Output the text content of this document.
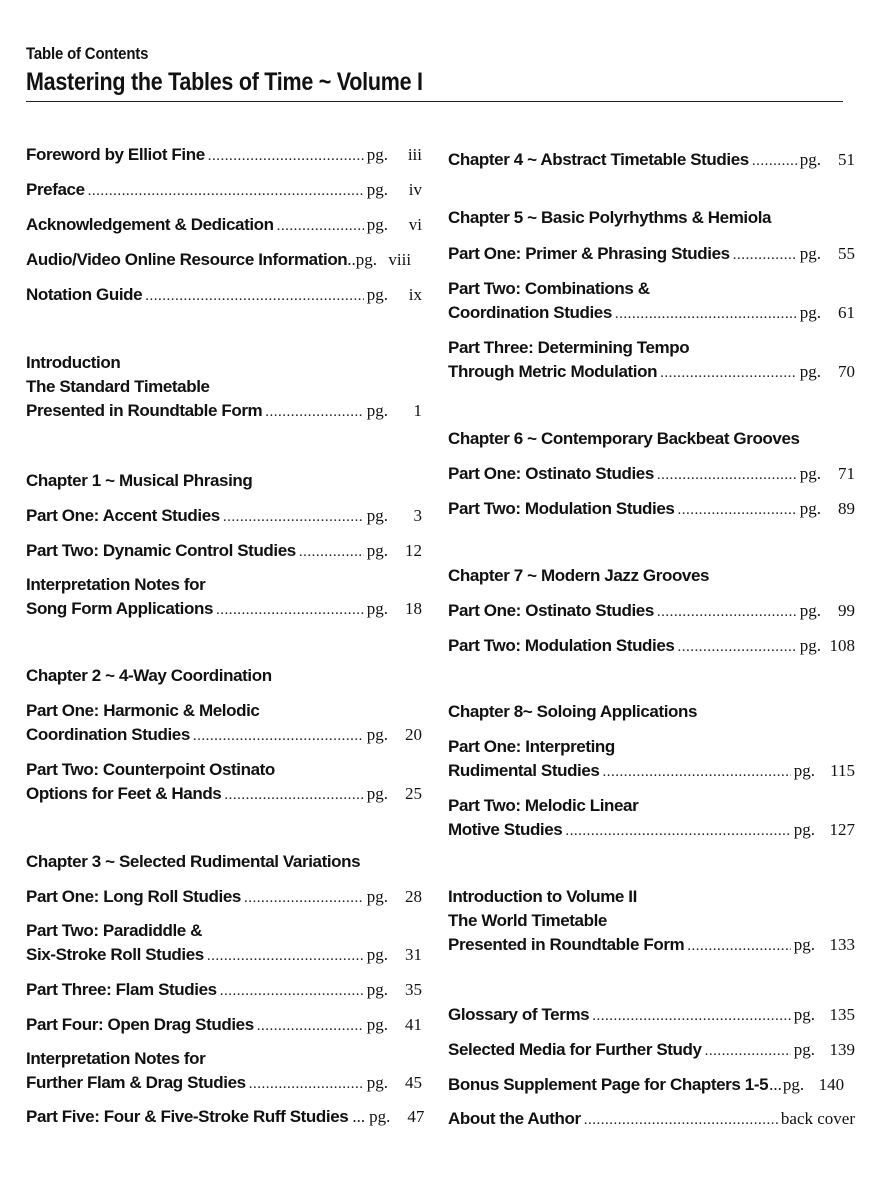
Table of Contents
Mastering the Tables of Time ~ Volume I
Foreword by Elliot Fine .....	pg.	iii
Preface .....	pg.	iv
Acknowledgement & Dedication .....	pg.	vi
Audio/Video Online Resource Information .. pg. viii
Notation Guide .....	pg.	ix
Introduction
The Standard Timetable
Presented in Roundtable Form .....	pg.	1
Chapter 1 ~ Musical Phrasing
Part One: Accent Studies .....	pg.	3
Part Two: Dynamic Control Studies .....	pg.	12
Interpretation Notes for
Song Form Applications .....	pg.	18
Chapter 2 ~ 4-Way Coordination
Part One: Harmonic & Melodic
Coordination Studies .....	pg.	20
Part Two: Counterpoint Ostinato
Options for Feet & Hands .....	pg.	25
Chapter 3 ~ Selected Rudimental Variations
Part One: Long Roll Studies .....	pg.	28
Part Two: Paradiddle &
Six-Stroke Roll Studies .....	pg.	31
Part Three: Flam Studies .....	pg.	35
Part Four: Open Drag Studies .....	pg.	41
Interpretation Notes for
Further Flam & Drag Studies .....	pg.	45
Part Five: Four & Five-Stroke Ruff Studies ... pg.	47
Chapter 4 ~ Abstract Timetable Studies .....	pg.	51
Chapter 5 ~ Basic Polyrhythms & Hemiola
Part One: Primer & Phrasing Studies .....	pg.	55
Part Two: Combinations &
Coordination Studies .....	pg.	61
Part Three: Determining Tempo
Through Metric Modulation .....	pg.	70
Chapter 6 ~ Contemporary Backbeat Grooves
Part One: Ostinato Studies .....	pg.	71
Part Two: Modulation Studies .....	pg.	89
Chapter 7 ~ Modern Jazz Grooves
Part One: Ostinato Studies .....	pg.	99
Part Two: Modulation Studies .....	pg. 108
Chapter 8~ Soloing Applications
Part One: Interpreting
Rudimental Studies .....	pg. 115
Part Two: Melodic Linear
Motive Studies .....	pg. 127
Introduction to Volume II
The World Timetable
Presented in Roundtable Form .....	pg. 133
Glossary of Terms .....	pg. 135
Selected Media for Further Study .....	pg. 139
Bonus Supplement Page for Chapters 1-5 ... pg. 140
About the Author .....	back cover
